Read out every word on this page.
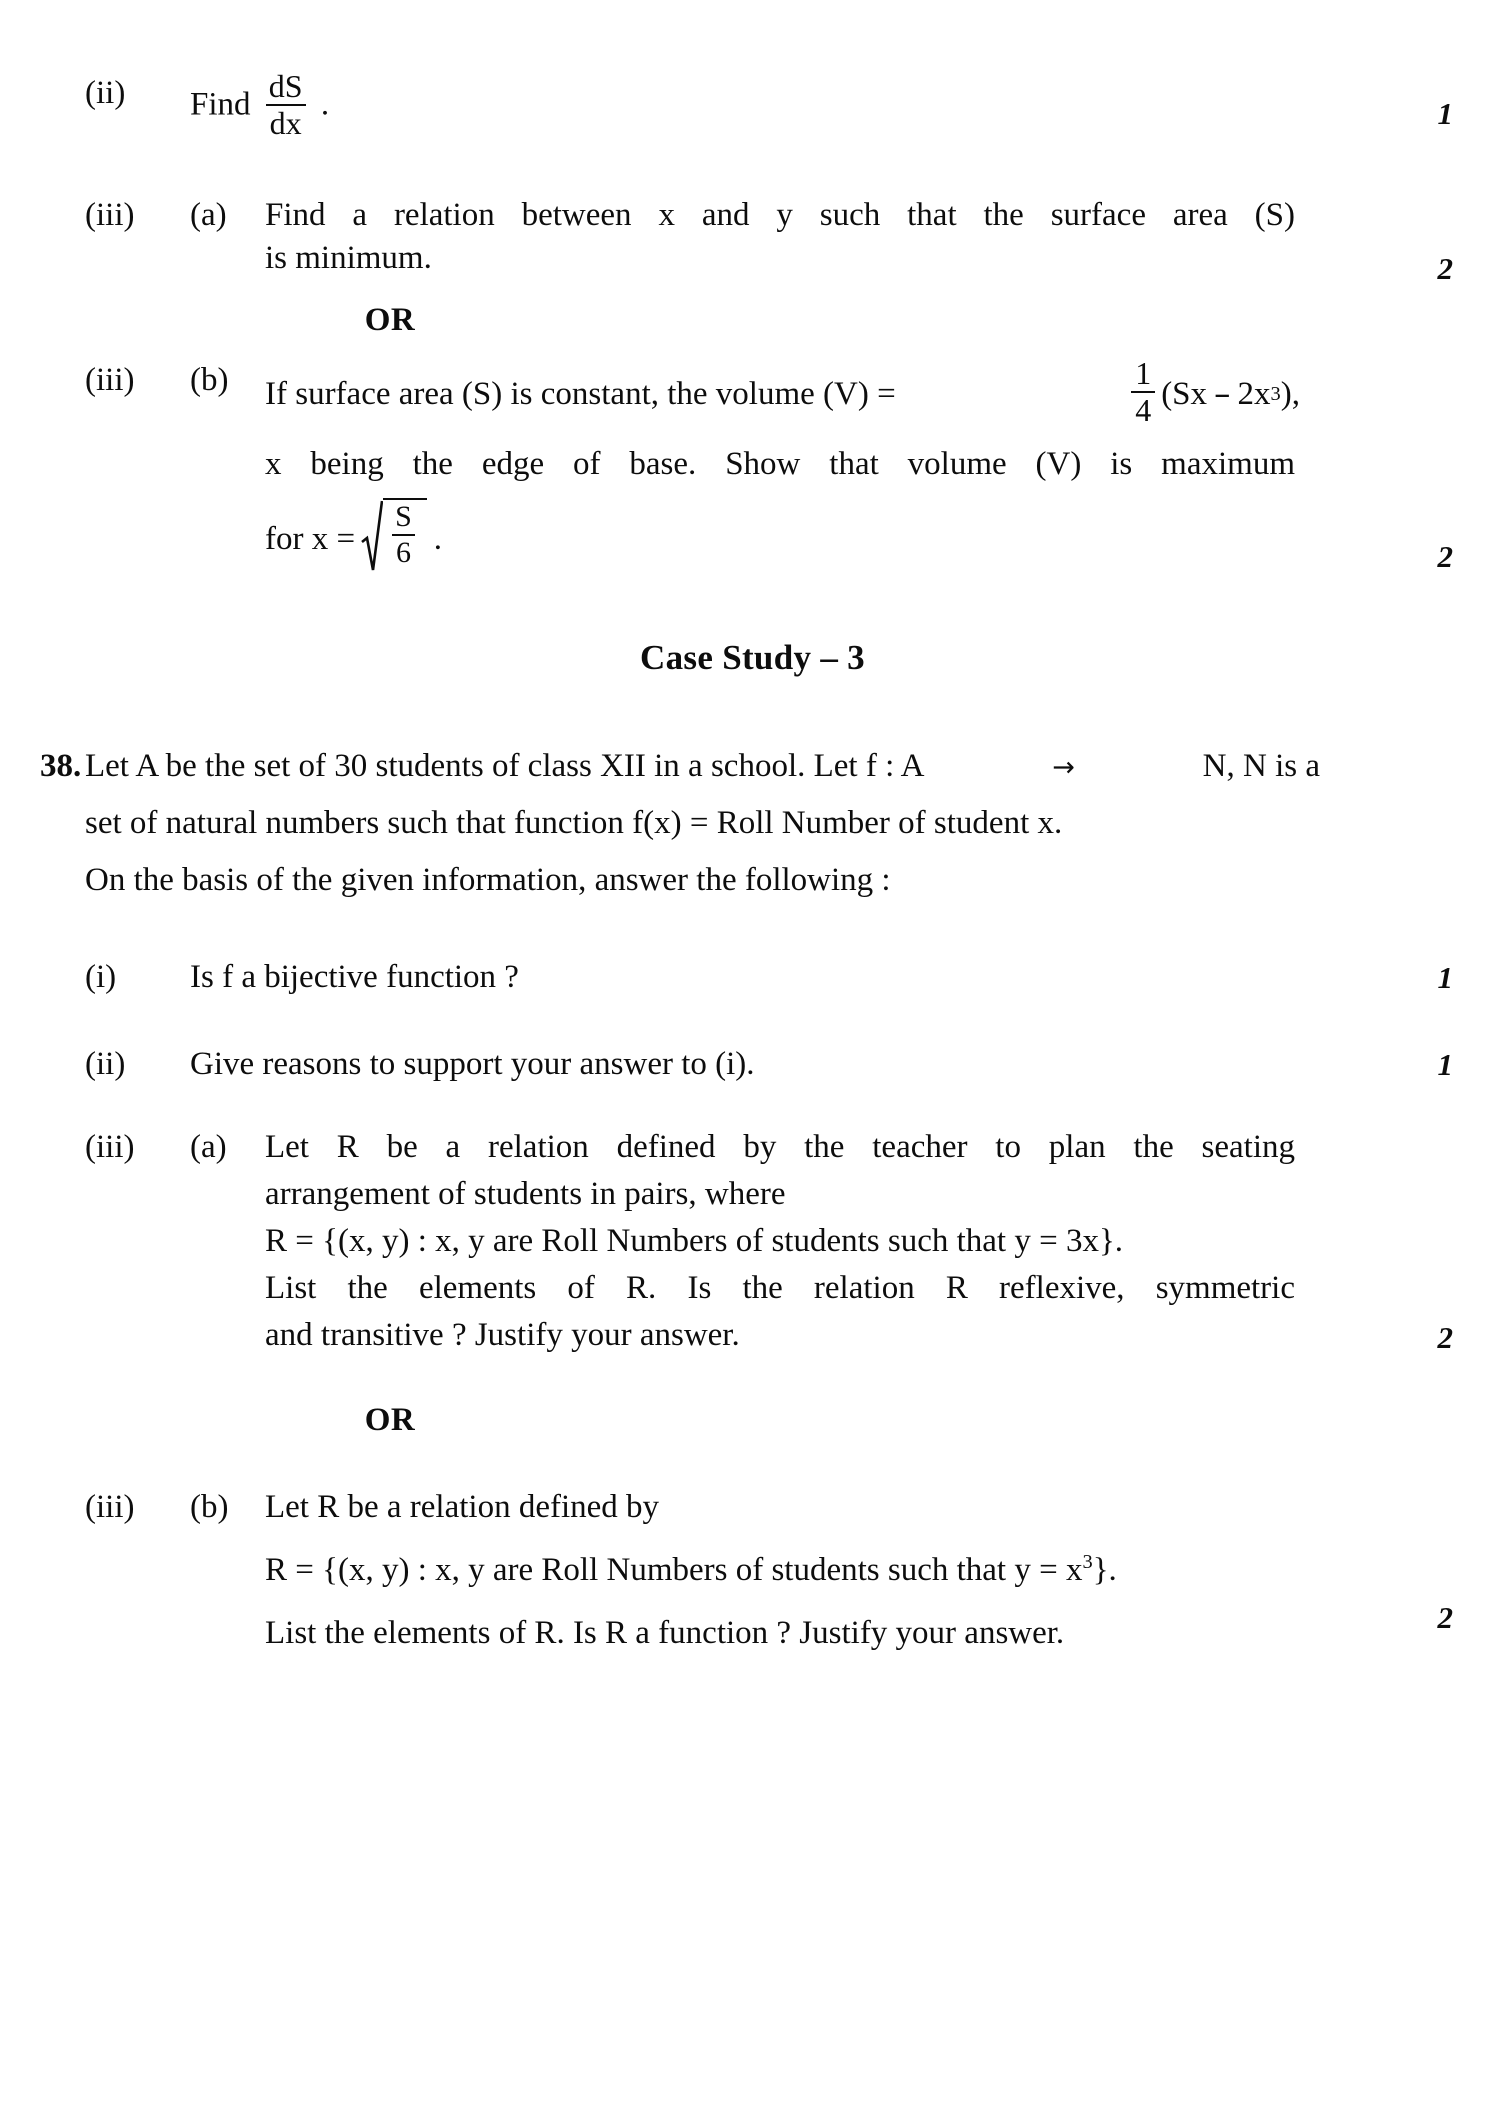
(ii)	Find $\frac{dS}{dx}$ .	1
(iii)	(a)	Find a relation between x and y such that the surface area (S)
is minimum.	2
OR
(iii)	(b)	If surface area (S) is constant, the volume (V) =	$\frac{1}{4} (Sx - 2x$ 3 ),
x being the edge of base. Show that volume (V) is maximum
for $x = \frac{S}{6}$ .	2
Case Study – 3
38. Let A be the set of 30 students of class XII in a school. Let f : A	→	N, N is a
set of natural numbers such that function f(x) = Roll Number of student x.
On the basis of the given information, answer the following :
(i)	Is f a bijective function ?	1
(ii)	Give reasons to support your answer to (i).	1
(iii)	(a)	Let R be a relation defined by the teacher to plan the seating
arrangement of students in pairs, where
R = {(x, y) : x, y are Roll Numbers of students such that y = 3x}.
List the elements of R. Is the relation R reflexive, symmetric
and transitive ? Justify your answer.	2
OR
(iii)	(b)	Let R be a relation defined by
R = {(x, y) : x, y are Roll Numbers of students such that $y = x^3$}.
List the elements of R. Is R a function ? Justify your answer.	2
